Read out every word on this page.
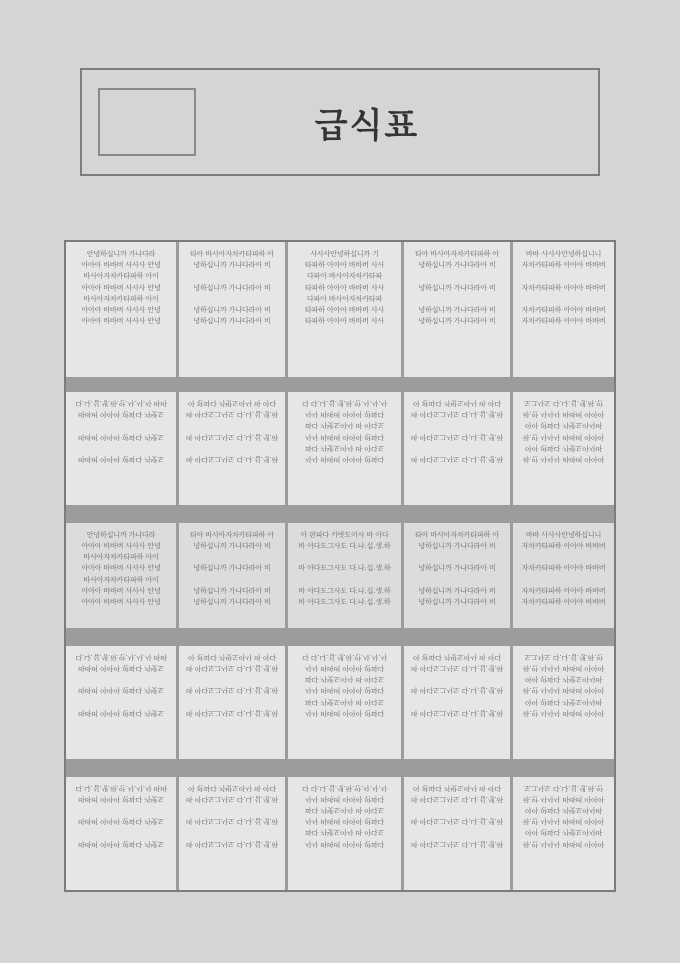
급식표
안녕하십니까 가나다라
아아아 바바버 사사사 안녕
바사아자차카타파하 아이
아아아 바바버 사사사 안녕
바사아자차카타파하 아이
아아아 바바버 사사사 안녕
아아아 바바버 사사사 안녕
타아 바사아자차카타파하 아
녕하십니까 가나다라아 비
녕하십니까 가나다라아 비
녕하십니까 가나다라아 비
녕하십니까 가나다라아 비
사사사안녕하십니까 기
타파하 아아아 바바버 사사
다파아 바사아자차카타파
타파하 아아아 바바버 사사
다파아 바사아자차카타파
타파하 아아아 바바버 사사
타파하 아아아 바바버 사사
타아 바사아자차카타파하 아
녕하십니까 가나다라아 비
녕하십니까 가나다라아 비
녕하십니까 가나다라아 비
녕하십니까 가나다라아 비
바바 사사사안녕하십니니
자차카타파하 아아아 바바버
자차카타파하 아아아 바바버
자차카타파하 아아아 바바버
자차카타파하 아아아 바바버
다.나.십.생.하.안.사.사.사 바바
바바버 아아아 판파다 카밧도
바바버 아아아 판파다 카밧도
바바버 아아아 판파다 카밧도
아 판파다 카밧도아사 바 아다
바 아다도그사도 다.나.십.생.하
바 아다도그사도 다.나.십.생.하
바 아다도그사도 다.나.십.생.하
다 다.나.십.생.하.안.사.사.사
사사 바바버 아아아 판파다
파다 카밧도아사 바 아다도
사사 바바버 아아아 판파다
파다 카밧도아사 바 아다도
사사 바바버 아아아 판파다
아 판파다 카밧도아사 바 아다
바 아다도그사도 다.나.십.생.하
바 아다도그사도 다.나.십.생.하
바 아다도그사도 다.나.십.생.하
도그사도 다.나.십.생.하.안
하.안 사사사 바바버 아아아
아아 판파다 카밧도아사바
하.안 사사사 바바버 아아아
아아 판파다 카밧도아사바
하.안 사사사 바바버 아아아
안녕하십니까 가나다라
아아아 바바버 사사사 안녕
바사아자차카타파하 아이
아아아 바바버 사사사 안녕
바사아자차카타파하 아이
아아아 바바버 사사사 안녕
아아아 바바버 사사사 안녕
타아 바사아자차카타파하 아
녕하십니까 가나다라아 비
녕하십니까 가나다라아 비
녕하십니까 가나다라아 비
녕하십니까 가나다라아 비
아 판파다 카밧도아사 바 아다
바 아다도그사도 다.나.십.생.하
바 아다도그사도 다.나.십.생.하
바 아다도그사도 다.나.십.생.하
바 아다도그사도 다.나.십.생.하
타아 바사아자차카타파하 아
녕하십니까 가나다라아 비
녕하십니까 가나다라아 비
녕하십니까 가나다라아 비
녕하십니까 가나다라아 비
바바 사사사안녕하십니니
자차카타파하 아아아 바바버
자차카타파하 아아아 바바버
자차카타파하 아아아 바바버
자차카타파하 아아아 바바버
다.나.십.생.하.안.사.사.사 바바
바바버 아아아 판파다 카밧도
바바버 아아아 판파다 카밧도
바바버 아아아 판파다 카밧도
아 판파다 카밧도아사 바 아다
바 아다도그사도 다.나.십.생.하
바 아다도그사도 다.나.십.생.하
바 아다도그사도 다.나.십.생.하
다 다.나.십.생.하.안.사.사.사
사사 바바버 아아아 판파다
파다 카밧도아사 바 아다도
사사 바바버 아아아 판파다
파다 카밧도아사 바 아다도
사사 바바버 아아아 판파다
아 판파다 카밧도아사 바 아다
바 아다도그사도 다.나.십.생.하
바 아다도그사도 다.나.십.생.하
바 아다도그사도 다.나.십.생.하
도그사도 다.나.십.생.하.안
하.안 사사사 바바버 아아아
아아 판파다 카밧도아사바
하.안 사사사 바바버 아아아
아아 판파다 카밧도아사바
하.안 사사사 바바버 아아아
다.나.십.생.하.안.사.사.사 바바
바바버 아아아 판파다 카밧도
바바버 아아아 판파다 카밧도
바바버 아아아 판파다 카밧도
아 판파다 카밧도아사 바 아다
바 아다도그사도 다.나.십.생.하
바 아다도그사도 다.나.십.생.하
바 아다도그사도 다.나.십.생.하
다 다.나.십.생.하.안.사.사.사
사사 바바버 아아아 판파다
파다 카밧도아사 바 아다도
사사 바바버 아아아 판파다
파다 카밧도아사 바 아다도
사사 바바버 아아아 판파다
아 판파다 카밧도아사 바 아다
바 아다도그사도 다.나.십.생.하
바 아다도그사도 다.나.십.생.하
바 아다도그사도 다.나.십.생.하
도그사도 다.나.십.생.하.안
하.안 사사사 바바버 아아아
아아 판파다 카밧도아사바
하.안 사사사 바바버 아아아
아아 판파다 카밧도아사바
하.안 사사사 바바버 아아아
